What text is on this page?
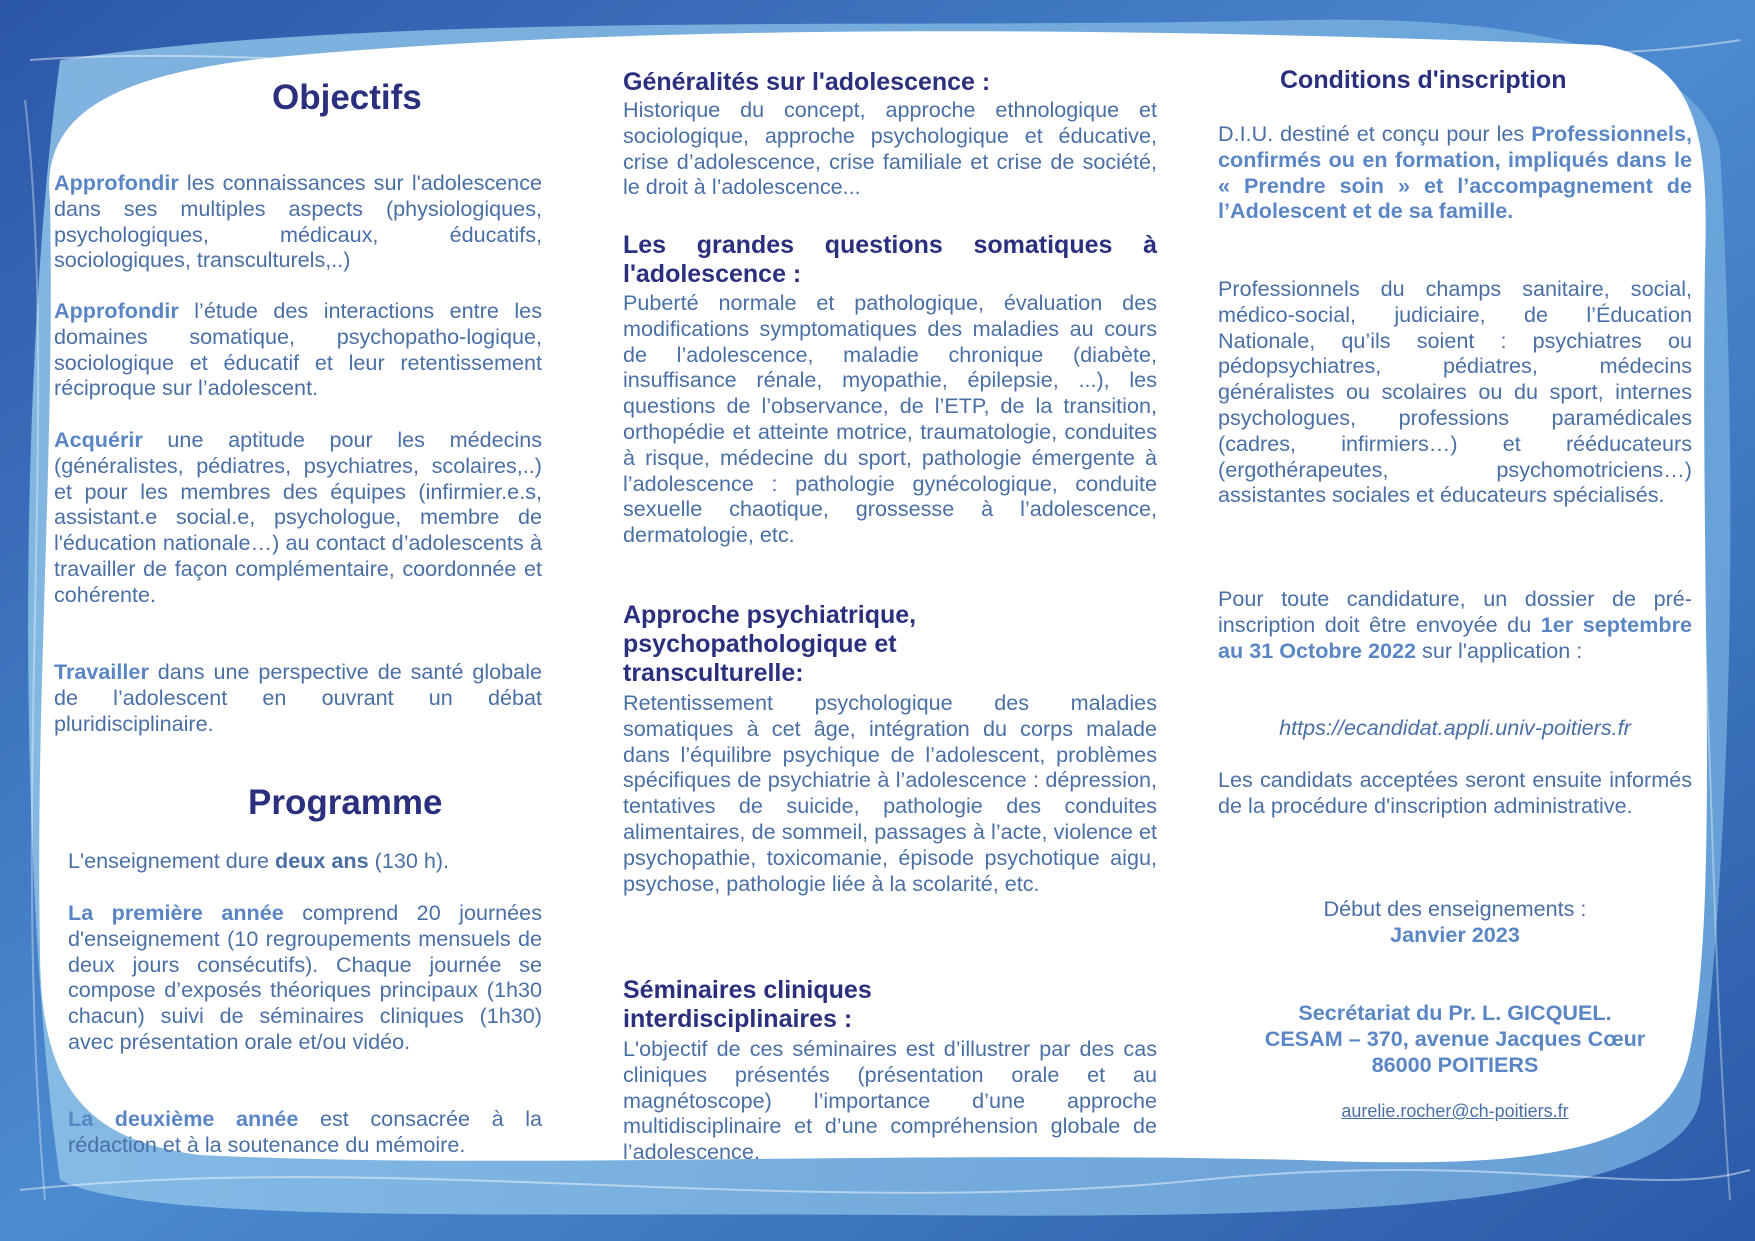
Objectifs

Approfondir les connaissances sur l'adolescence dans ses multiples aspects (physiologiques, psychologiques, médicaux, éducatifs, sociologiques, transculturels,..)

Approfondir l’étude des interactions entre les domaines somatique, psychopatho-logique, sociologique et éducatif et leur retentissement réciproque sur l’adolescent.

Acquérir une aptitude pour les médecins (généralistes, pédiatres, psychiatres, scolaires,..) et pour les membres des équipes (infirmier.e.s, assistant.e social.e, psychologue, membre de l'éducation nationale…) au contact d’adolescents à travailler de façon complémentaire, coordonnée et cohérente.

Travailler dans une perspective de santé globale de l’adolescent en ouvrant un débat pluridisciplinaire.

Programme

L'enseignement dure deux ans (130 h).

La première année comprend 20 journées d'enseignement (10 regroupements mensuels de deux jours consécutifs). Chaque journée se compose d’exposés théoriques principaux (1h30 chacun) suivi de séminaires cliniques (1h30) avec présentation orale et/ou vidéo.

La deuxième année est consacrée à la rédaction et à la soutenance du mémoire.

Généralités sur l'adolescence :

Historique du concept, approche ethnologique et sociologique, approche psychologique et éducative, crise d’adolescence, crise familiale et crise de société, le droit à l’adolescence...

Les grandes questions somatiques à l'adolescence :

Puberté normale et pathologique, évaluation des modifications symptomatiques des maladies au cours de l’adolescence, maladie chronique (diabète, insuffisance rénale, myopathie, épilepsie, ...), les questions de l’observance, de l’ETP, de la transition, orthopédie et atteinte motrice, traumatologie, conduites à risque, médecine du sport, pathologie émergente à l’adolescence : pathologie gynécologique, conduite sexuelle chaotique, grossesse à l’adolescence, dermatologie, etc.

Approche psychiatrique, psychopathologique et transculturelle:

Retentissement psychologique des maladies somatiques à cet âge, intégration du corps malade dans l’équilibre psychique de l’adolescent, problèmes spécifiques de psychiatrie à l’adolescence : dépression, tentatives de suicide, pathologie des conduites alimentaires, de sommeil, passages à l’acte, violence et psychopathie, toxicomanie, épisode psychotique aigu, psychose, pathologie liée à la scolarité, etc.

Séminaires cliniques interdisciplinaires :

L'objectif de ces séminaires est d’illustrer par des cas cliniques présentés (présentation orale et au magnétoscope) l’importance d’une approche multidisciplinaire et d’une compréhension globale de l’adolescence.

Conditions d'inscription

D.I.U. destiné et conçu pour les Professionnels, confirmés ou en formation, impliqués dans le « Prendre soin » et l’accompagnement de l’Adolescent et de sa famille.

Professionnels du champs sanitaire, social, médico-social, judiciaire, de l’Éducation Nationale, qu’ils soient : psychiatres ou pédopsychiatres, pédiatres, médecins généralistes ou scolaires ou du sport, internes psychologues, professions paramédicales (cadres, infirmiers…) et rééducateurs (ergothérapeutes, psychomotriciens…) assistantes sociales et éducateurs spécialisés.

Pour toute candidature, un dossier de pré-inscription doit être envoyée du 1er septembre au 31 Octobre 2022 sur l'application :

https://ecandidat.appli.univ-poitiers.fr

Les candidats acceptées seront ensuite informés de la procédure d'inscription administrative.

Début des enseignements :

Janvier 2023

Secrétariat du Pr. L. GICQUEL.

CESAM – 370, avenue Jacques Cœur

86000 POITIERS

aurelie.rocher@ch-poitiers.fr
